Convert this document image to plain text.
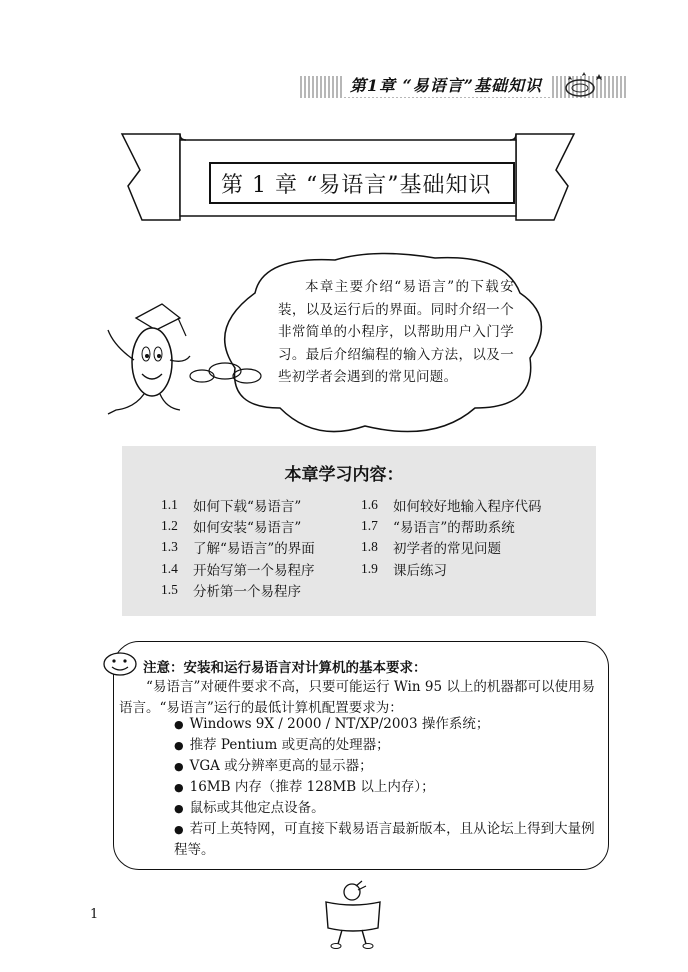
第1章 “易语言”基础知识
第 1 章 “易语言”基础知识
本章主要介绍“易语言”的下载安装，以及运行后的界面。同时介绍一个非常简单的小程序，以帮助用户入门学习。最后介绍编程的输入方法，以及一些初学者会遇到的常见问题。
本章学习内容：
1.1	如何下载“易语言”
1.2	如何安装“易语言”
1.3	了解“易语言”的界面
1.4	开始写第一个易程序
1.5	分析第一个易程序
1.6	如何较好地输入程序代码
1.7	“易语言”的帮助系统
1.8	初学者的常见问题
1.9	课后练习
注意：安装和运行易语言对计算机的基本要求：
“易语言”对硬件要求不高，只要可能运行 Win 95 以上的机器都可以使用易语言。“易语言”运行的最低计算机配置要求为：
● Windows 9X / 2000 / NT/XP/2003 操作系统；
● 推荐 Pentium 或更高的处理器；
● VGA 或分辨率更高的显示器；
● 16MB 内存（推荐 128MB 以上内存）；
● 鼠标或其他定点设备。
● 若可上英特网，可直接下载易语言最新版本，且从论坛上得到大量例程等。
1
